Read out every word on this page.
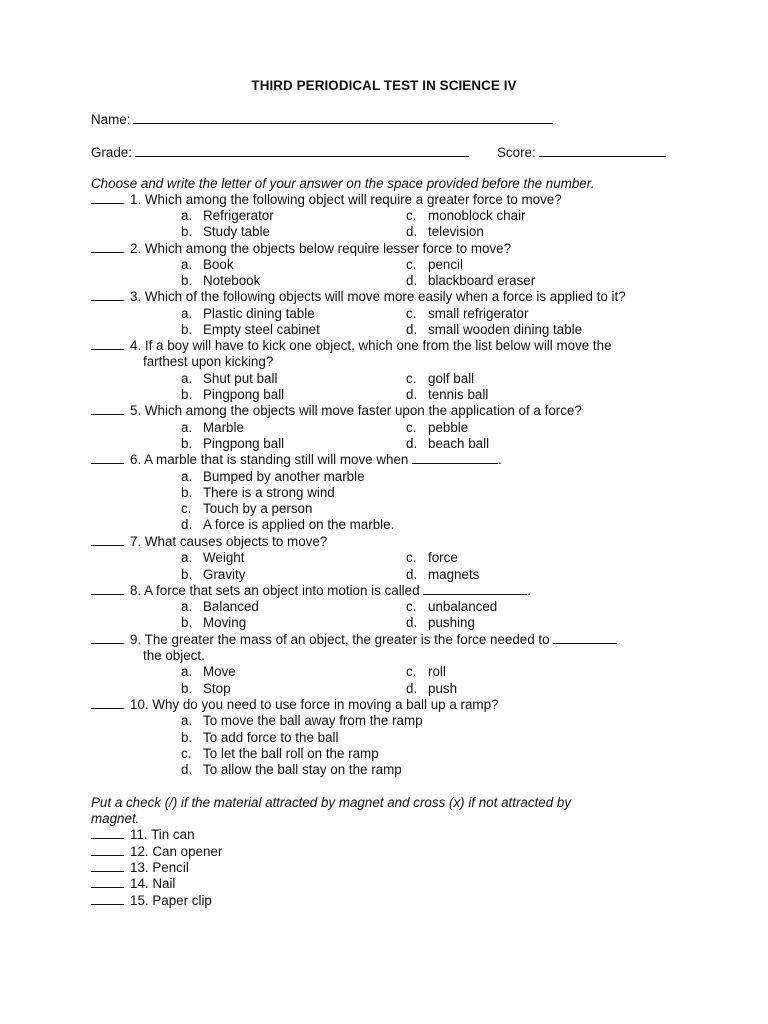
THIRD PERIODICAL TEST IN SCIENCE IV
Name:
Grade:	Score:
Choose and write the letter of your answer on the space provided before the number.
1. Which among the following object will require a greater force to move?
a. Refrigerator	c. monoblock chair
b. Study table	d. television
2. Which among the objects below require lesser force to move?
a. Book	c. pencil
b. Notebook	d. blackboard eraser
3. Which of the following objects will move more easily when a force is applied to it?
a. Plastic dining table	c. small refrigerator
b. Empty steel cabinet	d. small wooden dining table
4. If a boy will have to kick one object, which one from the list below will move the
farthest upon kicking?
a. Shut put ball	c. golf ball
b. Pingpong ball	d. tennis ball
5. Which among the objects will move faster upon the application of a force?
a. Marble	c. pebble
b. Pingpong ball	d. beach ball
6. A marble that is standing still will move when	.
a. Bumped by another marble
b. There is a strong wind
c. Touch by a person
d. A force is applied on the marble.
7. What causes objects to move?
a. Weight	c. force
b. Gravity	d. magnets
8. A force that sets an object into motion is called	.
a. Balanced	c. unbalanced
b. Moving	d. pushing
9. The greater the mass of an object, the greater is the force needed to
the object.
a. Move	c. roll
b. Stop	d. push
10. Why do you need to use force in moving a ball up a ramp?
a. To move the ball away from the ramp
b. To add force to the ball
c. To let the ball roll on the ramp
d. To allow the ball stay on the ramp
Put a check (/) if the material attracted by magnet and cross (x) if not attracted by
magnet.
11. Tin can
12. Can opener
13. Pencil
14. Nail
15. Paper clip
